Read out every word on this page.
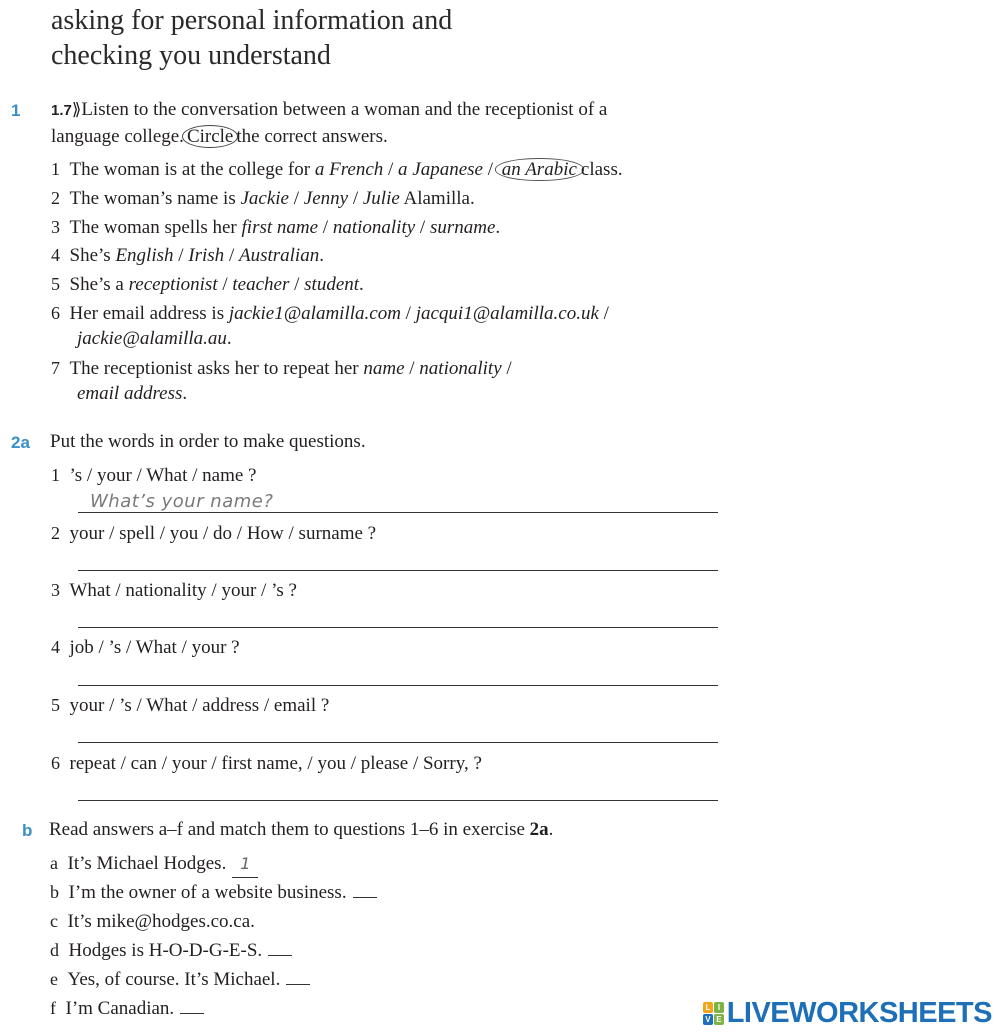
asking for personal information and
checking you understand
1 1.7⟫Listen to the conversation between a woman and the receptionist of a
language college. Circle the correct answers.
1 The woman is at the college for a French / a Japanese / an Arabic class.
2 The woman’s name is Jackie / Jenny / Julie Alamilla.
3 The woman spells her first name / nationality / surname.
4 She’s English / Irish / Australian.
5 She’s a receptionist / teacher / student.
6 Her email address is jackie1@alamilla.com / jacqui1@alamilla.co.uk /
jackie@alamilla.au.
7 The receptionist asks her to repeat her name / nationality /
email address.
2a Put the words in order to make questions.
1 ’s / your / What / name ?
What’s your name?
2 your / spell / you / do / How / surname ?
3 What / nationality / your / ’s ?
4 job / ’s / What / your ?
5 your / ’s / What / address / email ?
6 repeat / can / your / first name, / you / please / Sorry, ?
b Read answers a–f and match them to questions 1–6 in exercise 2a.
a It’s Michael Hodges. 1
b I’m the owner of a website business.
c It’s mike@hodges.co.ca.
d Hodges is H-O-D-G-E-S.
e Yes, of course. It’s Michael.
f I’m Canadian.	L I
V E LIVEWORKSHEETS
